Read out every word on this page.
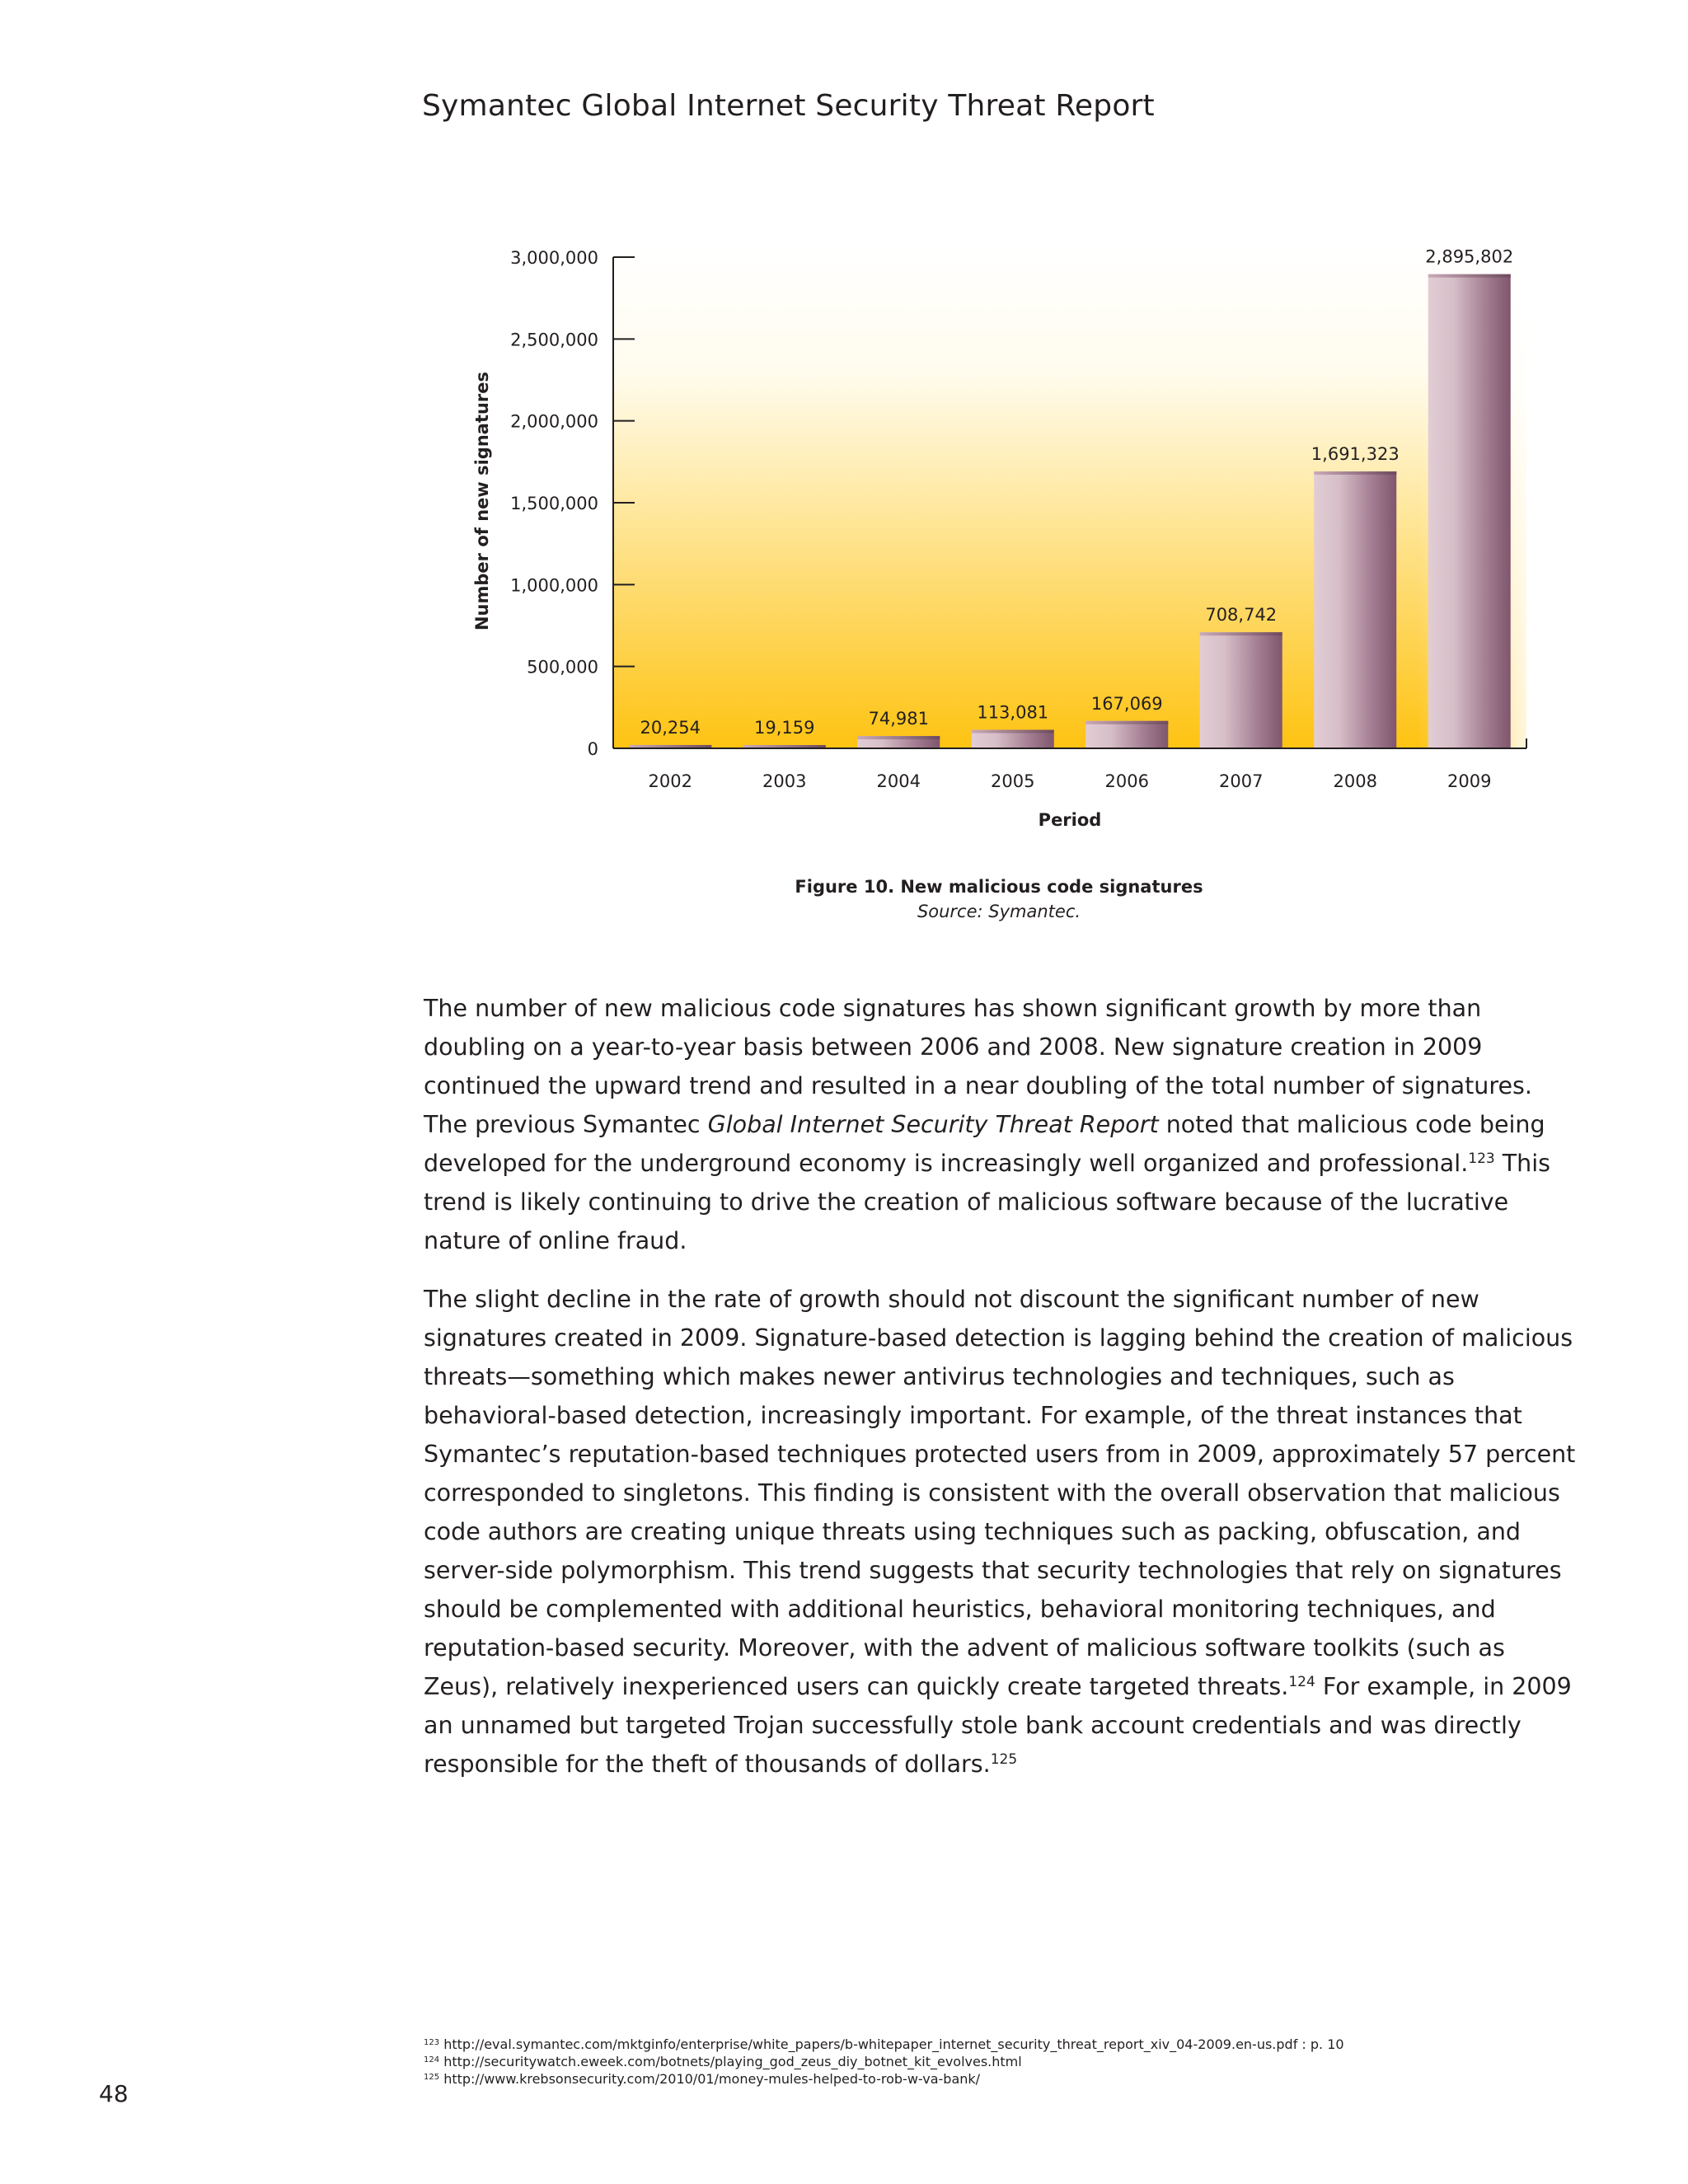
Symantec Global Internet Security Threat Report
0
500,000
1,000,000
1,500,000
2,000,000
2,500,000
3,000,000
20,254
2002
19,159
2003
74,981
2004
113,081
2005
167,069
2006
708,742
2007
1,691,323
2008
2,895,802
2009
Period
Number of new signatures
Figure 10. New malicious code signatures
Source: Symantec.

The number of new malicious code signatures has shown significant growth by more than doubling on a year-to-year basis between 2006 and 2008. New signature creation in 2009 continued the upward trend and resulted in a near doubling of the total number of signatures. The previous Symantec Global Internet Security Threat Report noted that malicious code being developed for the underground economy is increasingly well organized and professional.$^{123}$ This trend is likely continuing to drive the creation of malicious software because of the lucrative nature of online fraud.

The slight decline in the rate of growth should not discount the significant number of new signatures created in 2009. Signature-based detection is lagging behind the creation of malicious threats—something which makes newer antivirus technologies and techniques, such as behavioral-based detection, increasingly important. For example, of the threat instances that Symantec’s reputation-based techniques protected users from in 2009, approximately 57 percent corresponded to singletons. This finding is consistent with the overall observation that malicious code authors are creating unique threats using techniques such as packing, obfuscation, and server-side polymorphism. This trend suggests that security technologies that rely on signatures should be complemented with additional heuristics, behavioral monitoring techniques, and reputation-based security. Moreover, with the advent of malicious software toolkits (such as Zeus), relatively inexperienced users can quickly create targeted threats.$^{124}$ For example, in 2009 an unnamed but targeted Trojan successfully stole bank account credentials and was directly responsible for the theft of thousands of dollars.$^{125}$

$^{123}$ http://eval.symantec.com/mktginfo/enterprise/white_papers/b-whitepaper_internet_security_threat_report_xiv_04-2009.en-us.pdf : p. 10
$^{124}$ http://securitywatch.eweek.com/botnets/playing_god_zeus_diy_botnet_kit_evolves.html
$^{125}$ http://www.krebsonsecurity.com/2010/01/money-mules-helped-to-rob-w-va-bank/
48
